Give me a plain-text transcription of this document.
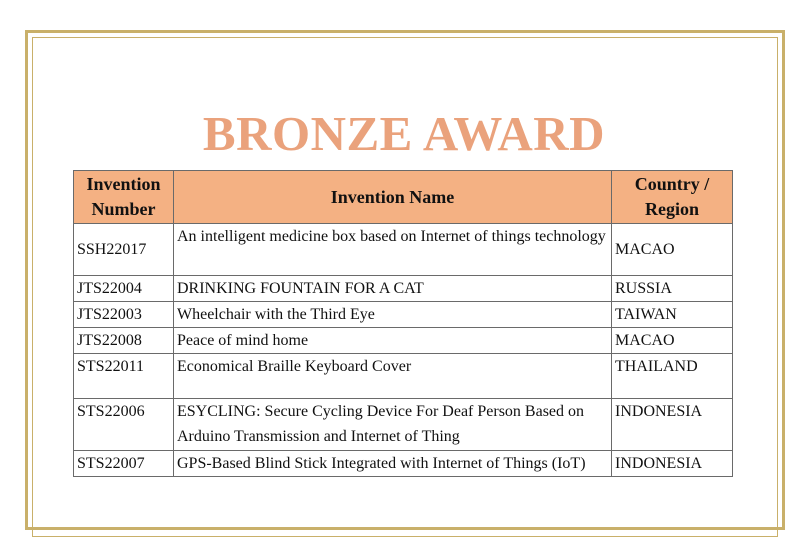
BRONZE AWARD
Invention Number	Invention Name	Country / Region
SSH22017	An intelligent medicine box based on Internet of things technology	MACAO
JTS22004	DRINKING FOUNTAIN FOR A CAT	RUSSIA
JTS22003	Wheelchair with the Third Eye	TAIWAN
JTS22008	Peace of mind home	MACAO
STS22011	Economical Braille Keyboard Cover	THAILAND
STS22006	ESYCLING: Secure Cycling Device For Deaf Person Based on Arduino Transmission and Internet of Thing	INDONESIA
STS22007	GPS-Based Blind Stick Integrated with Internet of Things (IoT)	INDONESIA
